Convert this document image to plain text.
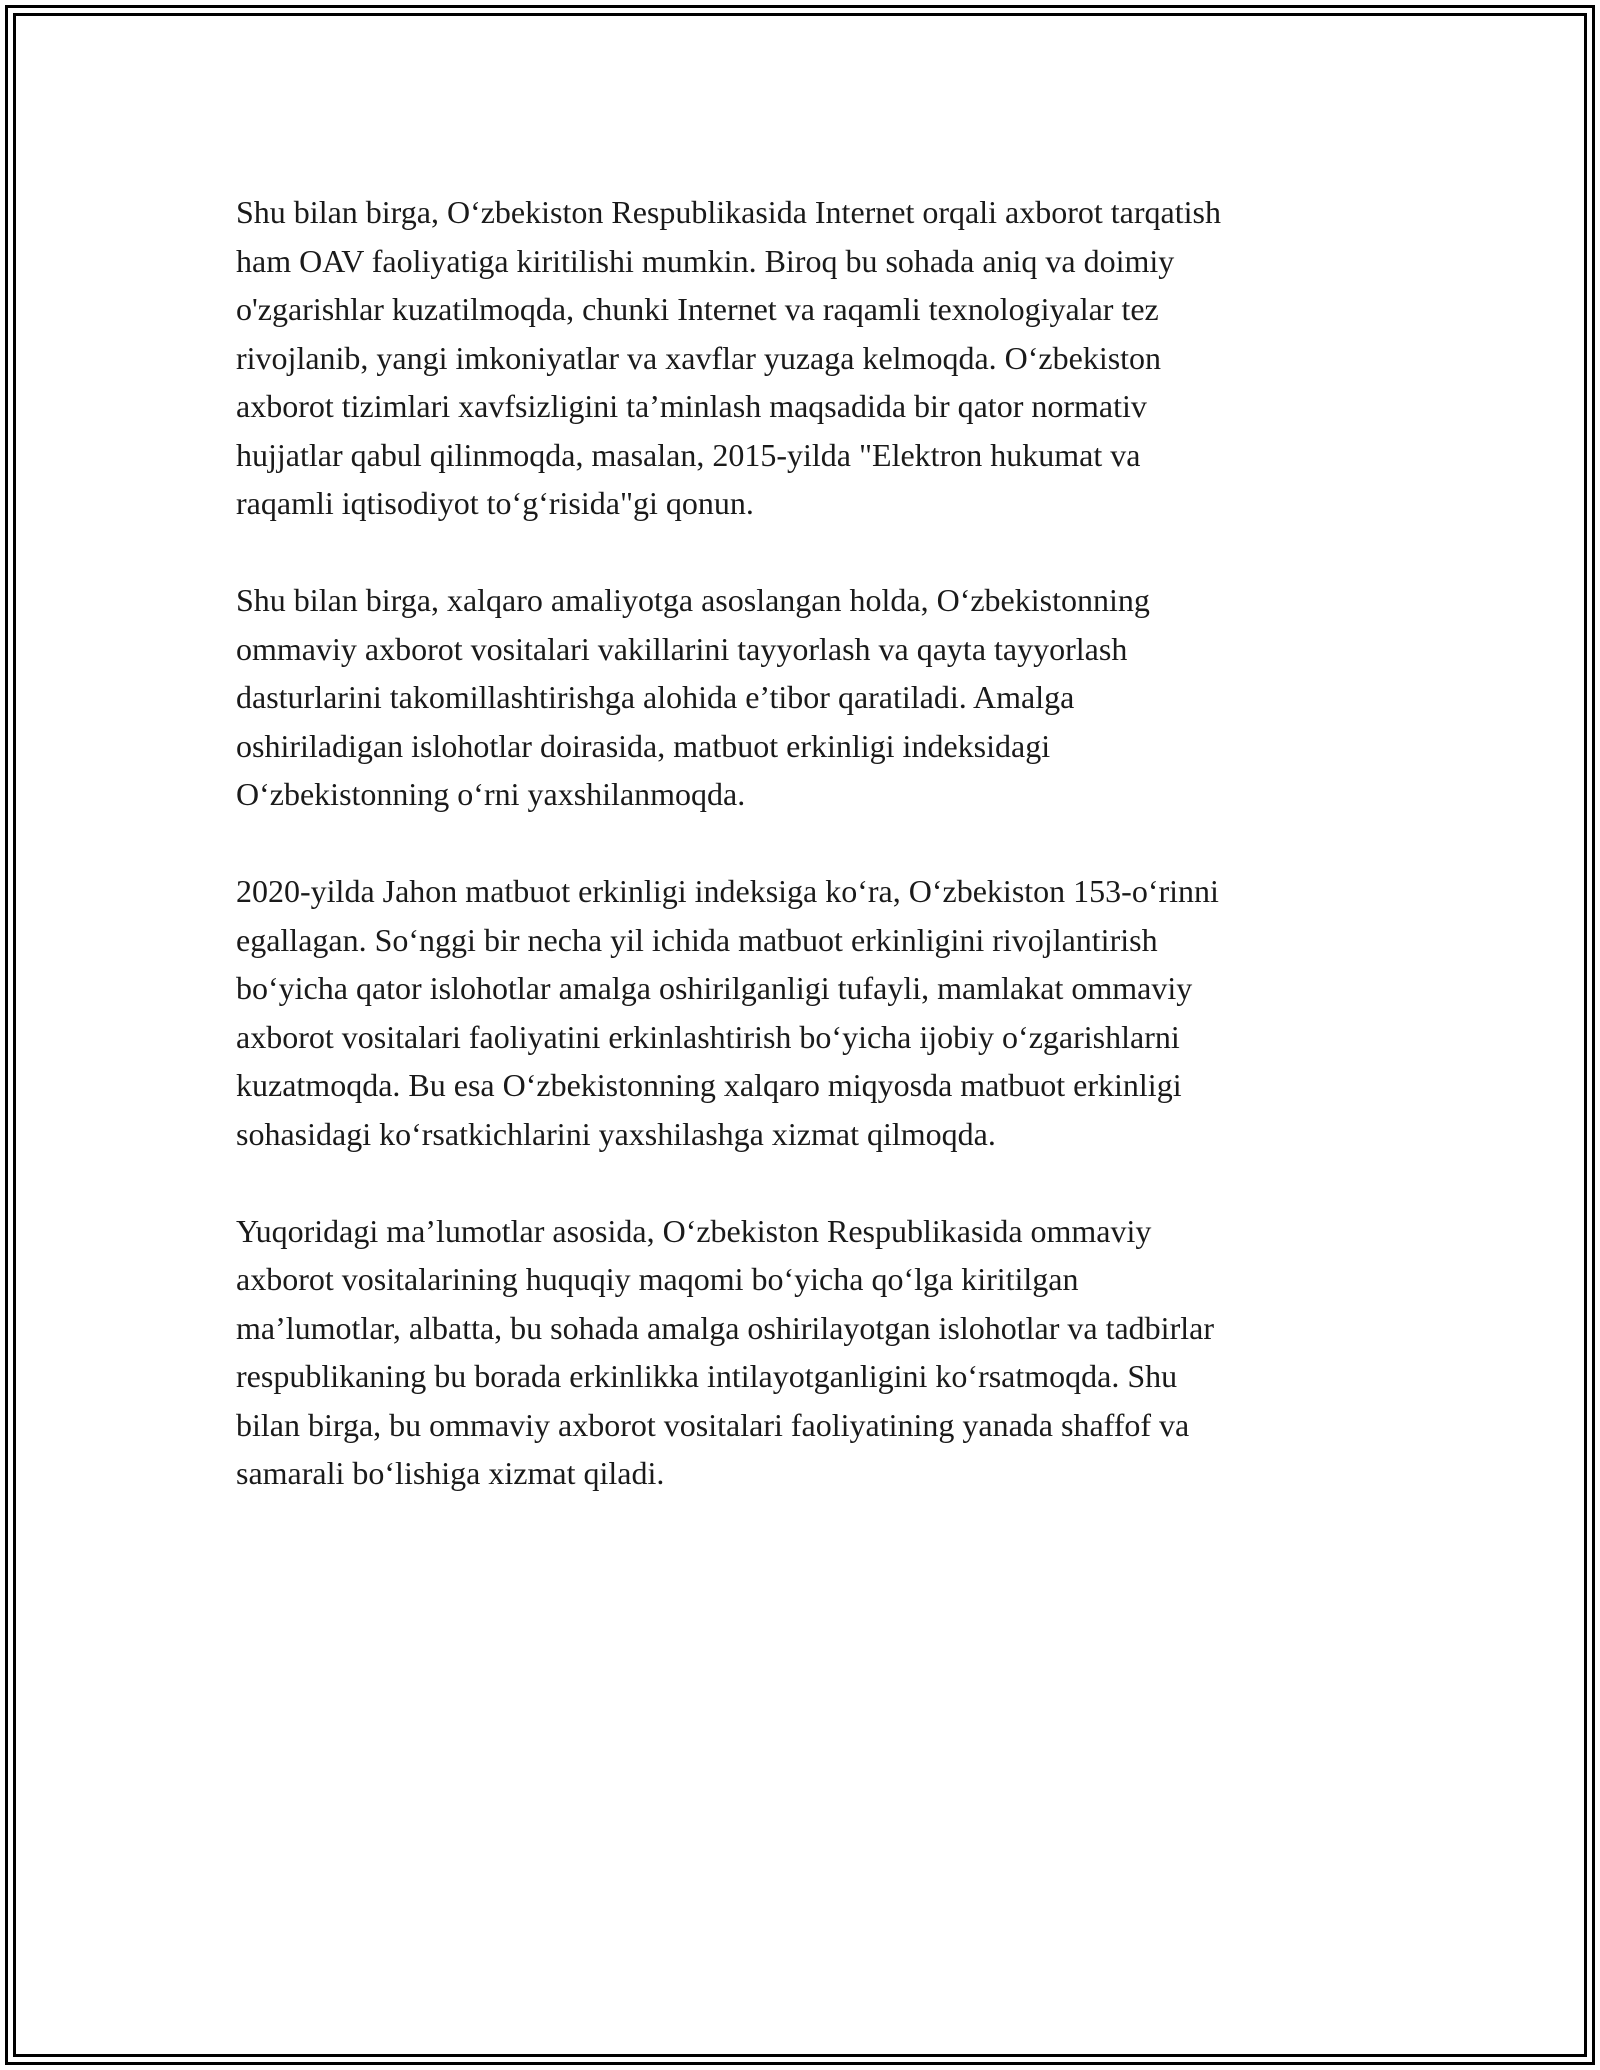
Shu bilan birga, O‘zbekiston Respublikasida Internet orqali axborot tarqatish
ham OAV faoliyatiga kiritilishi mumkin. Biroq bu sohada aniq va doimiy
o'zgarishlar kuzatilmoqda, chunki Internet va raqamli texnologiyalar tez
rivojlanib, yangi imkoniyatlar va xavflar yuzaga kelmoqda. O‘zbekiston
axborot tizimlari xavfsizligini ta’minlash maqsadida bir qator normativ
hujjatlar qabul qilinmoqda, masalan, 2015-yilda "Elektron hukumat va
raqamli iqtisodiyot to‘g‘risida"gi qonun.

Shu bilan birga, xalqaro amaliyotga asoslangan holda, O‘zbekistonning
ommaviy axborot vositalari vakillarini tayyorlash va qayta tayyorlash
dasturlarini takomillashtirishga alohida e’tibor qaratiladi. Amalga
oshiriladigan islohotlar doirasida, matbuot erkinligi indeksidagi
O‘zbekistonning o‘rni yaxshilanmoqda.

2020-yilda Jahon matbuot erkinligi indeksiga ko‘ra, O‘zbekiston 153-o‘rinni
egallagan. So‘nggi bir necha yil ichida matbuot erkinligini rivojlantirish
bo‘yicha qator islohotlar amalga oshirilganligi tufayli, mamlakat ommaviy
axborot vositalari faoliyatini erkinlashtirish bo‘yicha ijobiy o‘zgarishlarni
kuzatmoqda. Bu esa O‘zbekistonning xalqaro miqyosda matbuot erkinligi
sohasidagi ko‘rsatkichlarini yaxshilashga xizmat qilmoqda.

Yuqoridagi ma’lumotlar asosida, O‘zbekiston Respublikasida ommaviy
axborot vositalarining huquqiy maqomi bo‘yicha qo‘lga kiritilgan
ma’lumotlar, albatta, bu sohada amalga oshirilayotgan islohotlar va tadbirlar
respublikaning bu borada erkinlikka intilayotganligini ko‘rsatmoqda. Shu
bilan birga, bu ommaviy axborot vositalari faoliyatining yanada shaffof va
samarali bo‘lishiga xizmat qiladi.
